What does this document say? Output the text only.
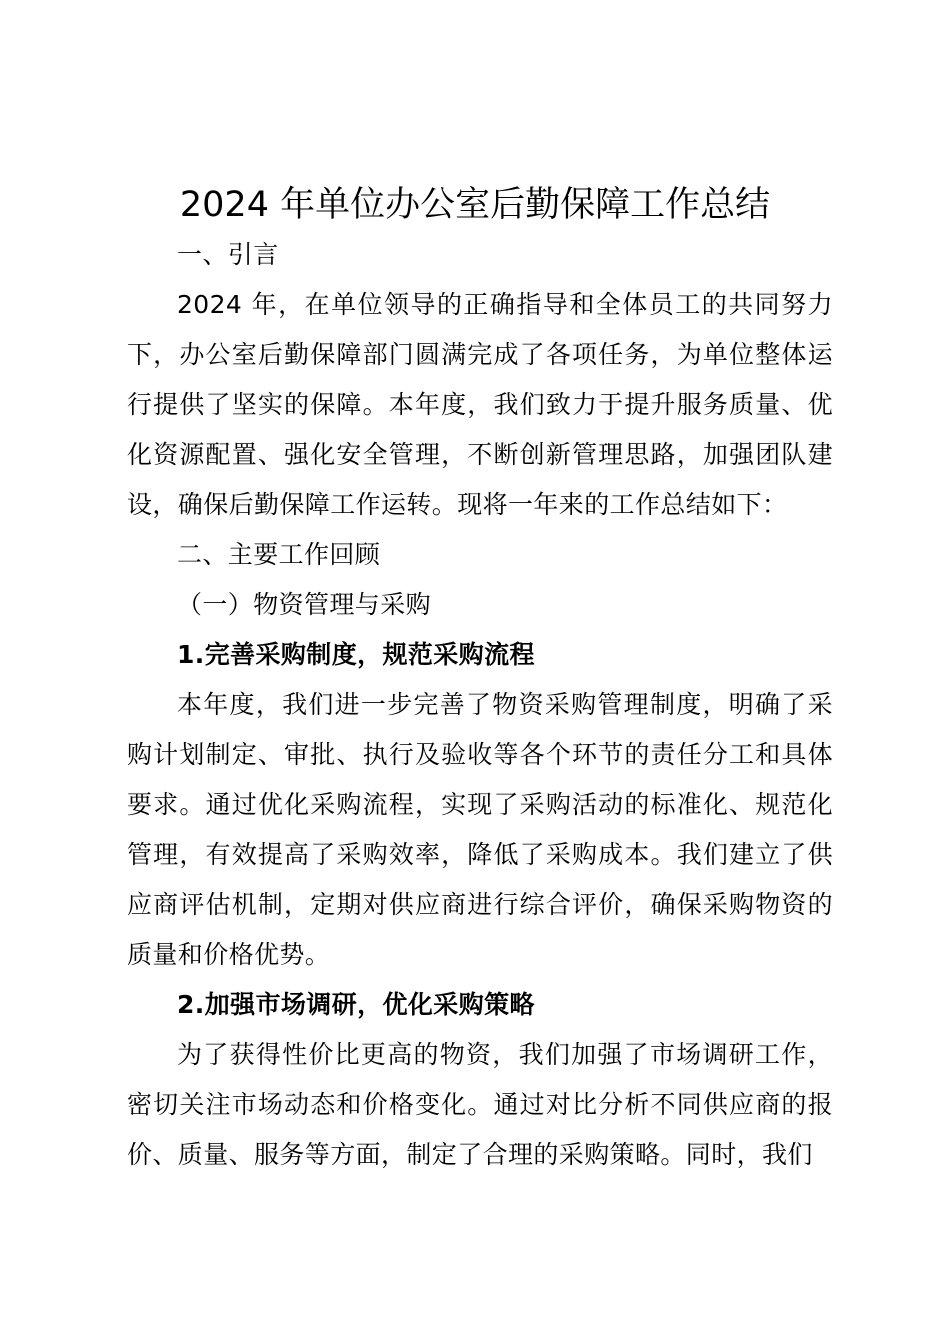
2024 年单位办公室后勤保障工作总结

一、引言

2024 年，在单位领导的正确指导和全体员工的共同努力下，办公室后勤保障部门圆满完成了各项任务，为单位整体运行提供了坚实的保障。本年度，我们致力于提升服务质量、优化资源配置、强化安全管理，不断创新管理思路，加强团队建设，确保后勤保障工作运转。现将一年来的工作总结如下：

二、主要工作回顾

（一）物资管理与采购

1.完善采购制度，规范采购流程

本年度，我们进一步完善了物资采购管理制度，明确了采购计划制定、审批、执行及验收等各个环节的责任分工和具体要求。通过优化采购流程，实现了采购活动的标准化、规范化管理，有效提高了采购效率，降低了采购成本。我们建立了供应商评估机制，定期对供应商进行综合评价，确保采购物资的质量和价格优势。

2.加强市场调研，优化采购策略

为了获得性价比更高的物资，我们加强了市场调研工作，密切关注市场动态和价格变化。通过对比分析不同供应商的报价、质量、服务等方面，制定了合理的采购策略。同时，我们
